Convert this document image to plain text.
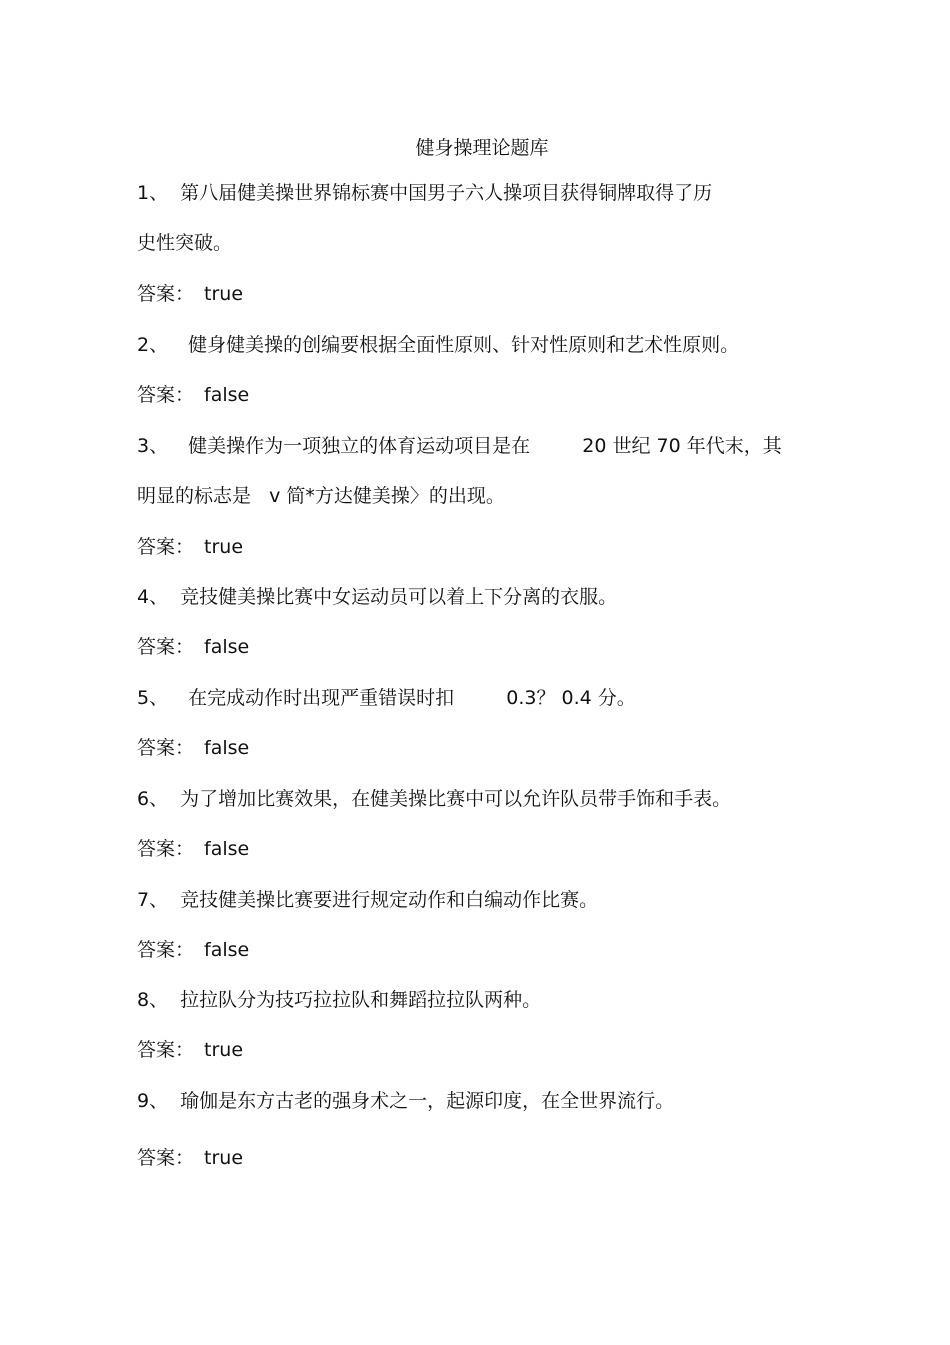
健身操理论题库
1、 第八届健美操世界锦标赛中国男子六人操项目获得铜牌取得了历
史性突破。
答案： true
2、 健身健美操的创编要根据全面性原则、针对性原则和艺术性原则。
答案： false
3、 健美操作为一项独立的体育运动项目是在	20 世纪 70 年代末，其
明显的标志是   v 简*方达健美操〉的出现。
答案： true
4、 竞技健美操比赛中女运动员可以着上下分离的衣服。
答案： false
5、 在完成动作时出现严重错误时扣	0.3？ 0.4 分。
答案： false
6、 为了增加比赛效果，在健美操比赛中可以允许队员带手饰和手表。
答案： false
7、 竞技健美操比赛要进行规定动作和白编动作比赛。
答案： false
8、 拉拉队分为技巧拉拉队和舞蹈拉拉队两种。
答案： true
9、 瑜伽是东方古老的强身术之一，起源印度，在全世界流行。
答案： true
